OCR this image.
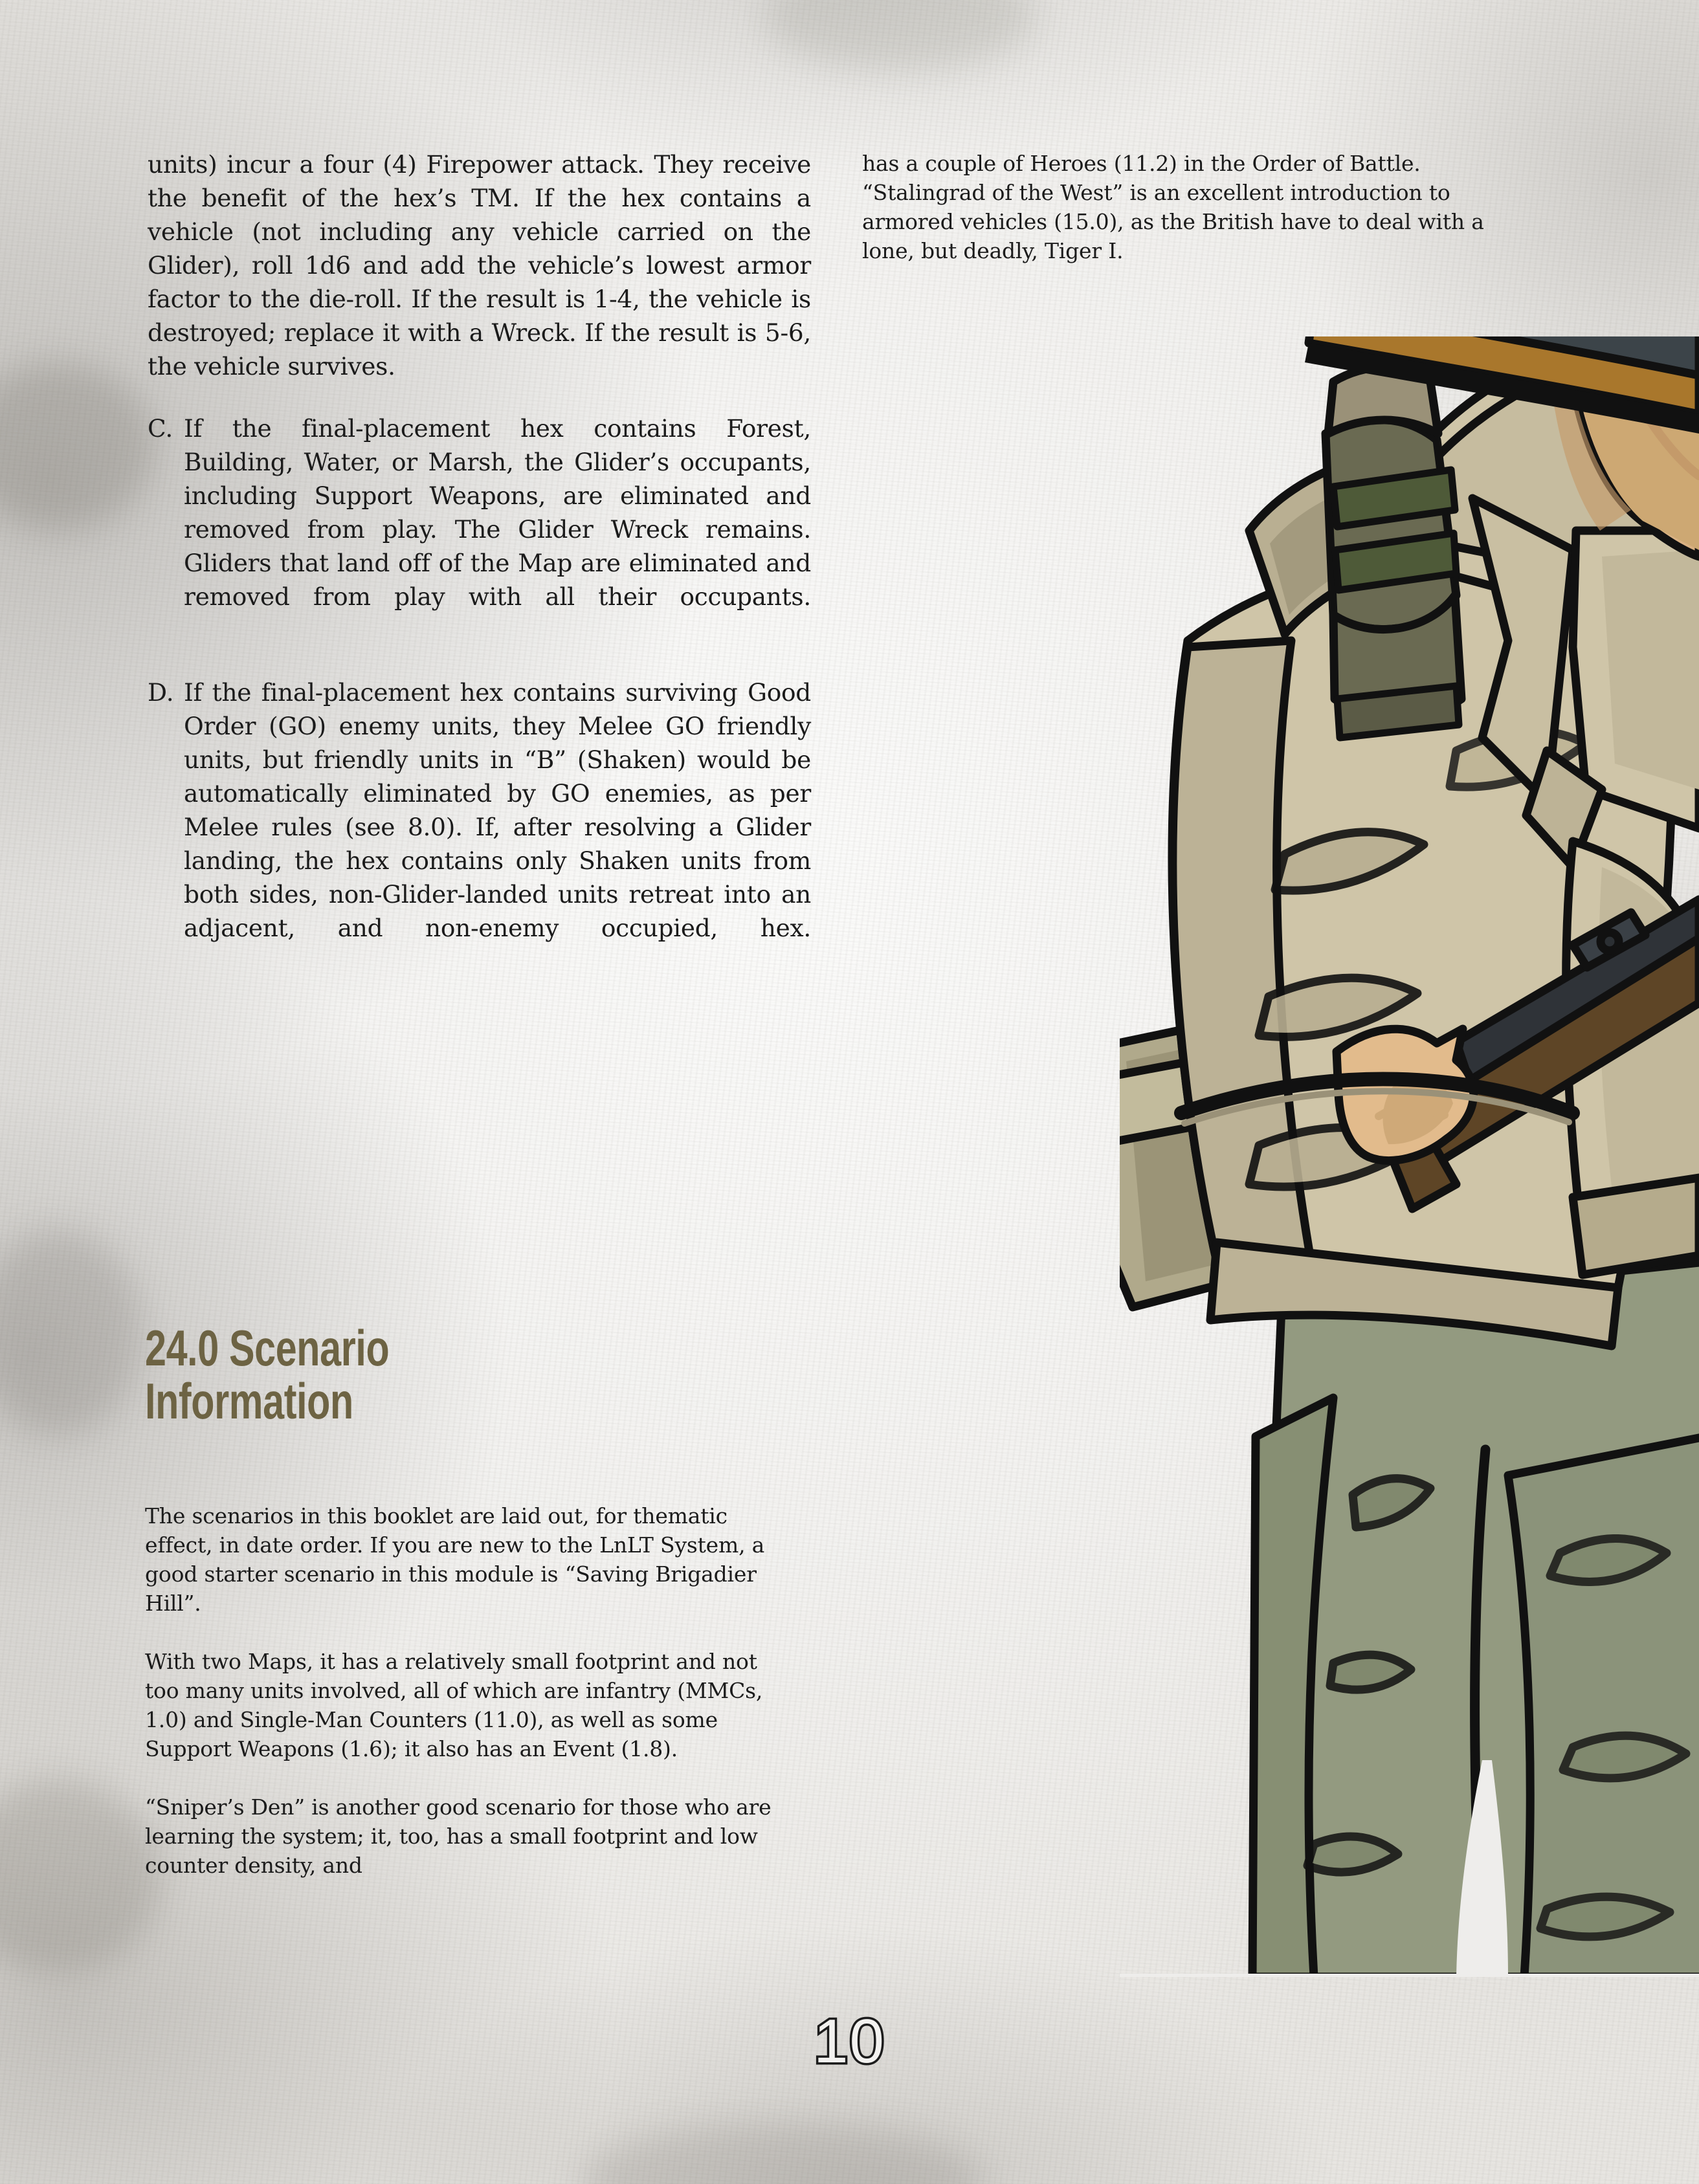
units) incur a four (4) Firepower attack. They receive the benefit of the hex’s TM. If the hex contains a vehicle (not including any vehicle carried on the Glider), roll 1d6 and add the vehicle’s lowest armor factor to the die-roll. If the result is 1-4, the vehicle is destroyed; replace it with a Wreck. If the result is 5-6, the vehicle survives.

C. If the final-placement hex contains Forest, Building, Water, or Marsh, the Glider’s occupants, including Support Weapons, are eliminated and removed from play. The Glider Wreck remains. Gliders that land off of the Map are eliminated and removed from play with all their occupants.
D. If the final-placement hex contains surviving Good Order (GO) enemy units, they Melee GO friendly units, but friendly units in “B” (Shaken) would be automatically eliminated by GO enemies, as per Melee rules (see 8.0). If, after resolving a Glider landing, the hex contains only Shaken units from both sides, non-Glider-landed units retreat into an adjacent, and non-enemy occupied, hex.

has a couple of Heroes (11.2) in the Order of Battle. “Stalingrad of the West” is an excellent introduction to armored vehicles (15.0), as the British have to deal with a lone, but deadly, Tiger I.

24.0 Scenario Information

The scenarios in this booklet are laid out, for thematic effect, in date order. If you are new to the LnLT System, a good starter scenario in this module is “Saving Brigadier Hill”.

With two Maps, it has a relatively small footprint and not too many units involved, all of which are infantry (MMCs, 1.0) and Single-Man Counters (11.0), as well as some Support Weapons (1.6); it also has an Event (1.8).

“Sniper’s Den” is another good scenario for those who are learning the system; it, too, has a small footprint and low counter density, and

10
